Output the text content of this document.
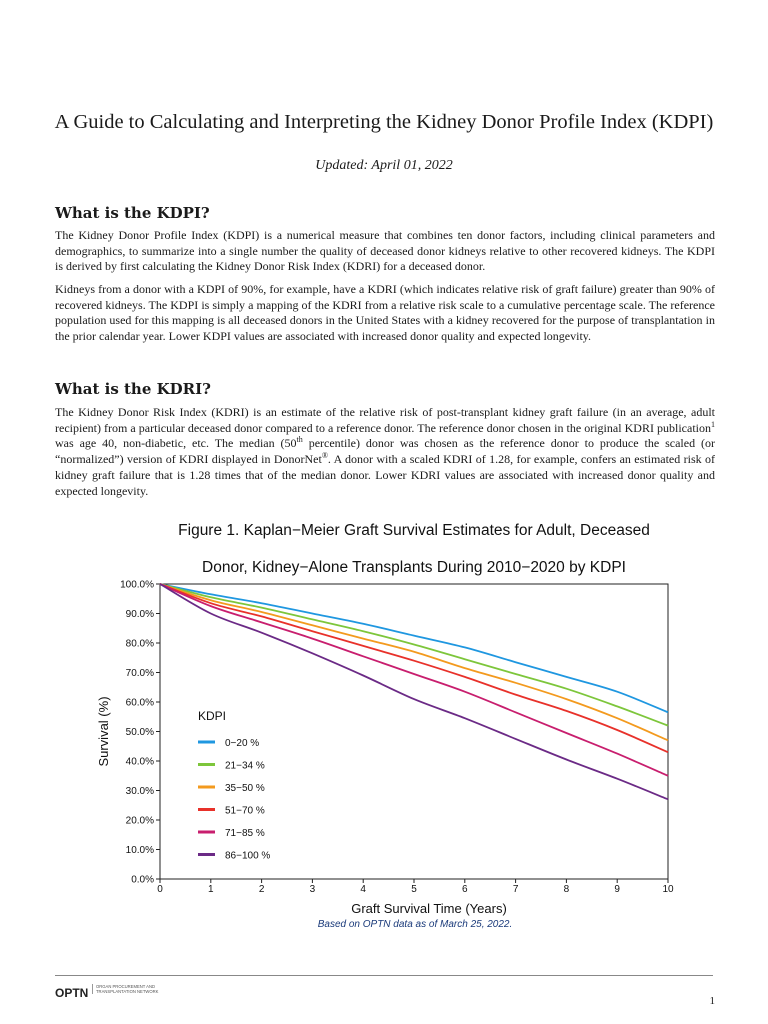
A Guide to Calculating and Interpreting the Kidney Donor Profile Index (KDPI)
Updated: April 01, 2022
What is the KDPI?

The Kidney Donor Profile Index (KDPI) is a numerical measure that combines ten donor factors, including clinical parameters and demographics, to summarize into a single number the quality of deceased donor kidneys relative to other recovered kidneys. The KDPI is derived by first calculating the Kidney Donor Risk Index (KDRI) for a deceased donor.

Kidneys from a donor with a KDPI of 90%, for example, have a KDRI (which indicates relative risk of graft failure) greater than 90% of recovered kidneys. The KDPI is simply a mapping of the KDRI from a relative risk scale to a cumulative percentage scale. The reference population used for this mapping is all deceased donors in the United States with a kidney recovered for the purpose of transplantation in the prior calendar year. Lower KDPI values are associated with increased donor quality and expected longevity.

What is the KDRI?

The Kidney Donor Risk Index (KDRI) is an estimate of the relative risk of post-transplant kidney graft failure (in an average, adult recipient) from a particular deceased donor compared to a reference donor. The reference donor chosen in the original KDRI publication$^1$ was age 40, non-diabetic, etc. The median (50th percentile) donor was chosen as the reference donor to produce the scaled (or “normalized”) version of KDRI displayed in DonorNet®. A donor with a scaled KDRI of 1.28, for example, confers an estimated risk of kidney graft failure that is 1.28 times that of the median donor. Lower KDRI values are associated with increased donor quality and expected longevity.

Figure 1. Kaplan−Meier Graft Survival Estimates for Adult, Deceased
Donor, Kidney−Alone Transplants During 2010−2020 by KDPI
0.0%
10.0%
20.0%
30.0%
40.0%
50.0%
60.0%
70.0%
80.0%
90.0%
100.0%
0	1	2	3	4	5	6	7	8	9	10
Graft Survival Time (Years)
Survival (%)
Based on OPTN data as of March 25, 2022.
KDPI
0−20 %
21−34 %
35−50 %
51−70 %
71−85 %
86−100 %
OPTN	ORGAN PROCUREMENT AND TRANSPLANTATION NETWORK
1
